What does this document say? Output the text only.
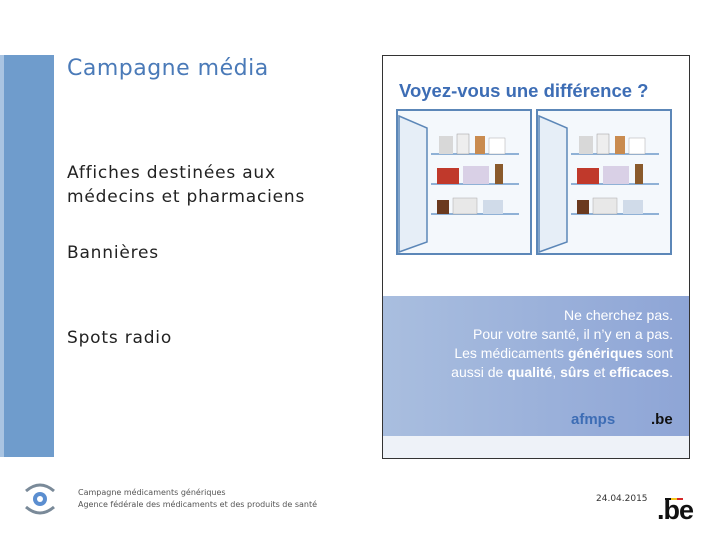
Campagne média
Affiches destinées aux médecins et pharmaciens
Bannières
Spots radio
Voyez-vous une différence ?
Ne cherchez pas.
Pour votre santé, il n’y en a pas.
Les médicaments génériques sont
aussi de qualité, sûrs et efficaces.
afmps .be
Campagne médicaments génériques
Agence fédérale des médicaments et des produits de santé
24.04.2015 .be
